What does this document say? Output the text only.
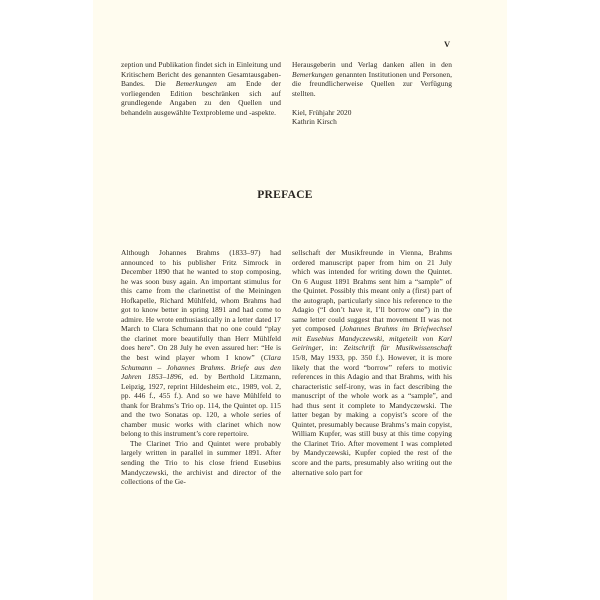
V

zeption und Publikation findet sich in Einleitung und Kritischem Bericht des genannten Gesamtausgaben-Bandes. Die Bemerkungen am Ende der vorliegenden Edition beschränken sich auf grundlegende Angaben zu den Quellen und behandeln ausgewählte Textprobleme und -aspekte.

Herausgeberin und Verlag danken allen in den Bemerkungen genannten Institutionen und Personen, die freundlicherweise Quellen zur Verfügung stellten.

Kiel, Frühjahr 2020

Kathrin Kirsch

PREFACE

Although Johannes Brahms (1833–97) had announced to his publisher Fritz Simrock in December 1890 that he wanted to stop composing, he was soon busy again. An important stimulus for this came from the clarinettist of the Meiningen Hofkapelle, Richard Mühlfeld, whom Brahms had got to know better in spring 1891 and had come to admire. He wrote enthusiastically in a letter dated 17 March to Clara Schumann that no one could “play the clarinet more beautifully than Herr Mühlfeld does here”. On 28 July he even assured her: “He is the best wind player whom I know” (Clara Schumann – Johannes Brahms. Briefe aus den Jahren 1853–1896, ed. by Berthold Litzmann, Leipzig, 1927, reprint Hildesheim etc., 1989, vol. 2, pp. 446 f., 455 f.). And so we have Mühlfeld to thank for Brahms’s Trio op. 114, the Quintet op. 115 and the two Sonatas op. 120, a whole series of chamber music works with clarinet which now belong to this instrument’s core repertoire.

The Clarinet Trio and Quintet were probably largely written in parallel in summer 1891. After sending the Trio to his close friend Eusebius Mandyczewski, the archivist and director of the collections of the Ge-

sellschaft der Musikfreunde in Vienna, Brahms ordered manuscript paper from him on 21 July which was intended for writing down the Quintet. On 6 August 1891 Brahms sent him a “sample” of the Quintet. Possibly this meant only a (first) part of the autograph, particularly since his reference to the Adagio (“I don’t have it, I’ll borrow one”) in the same letter could suggest that movement II was not yet composed (Johannes Brahms im Briefwechsel mit Eusebius Mandyczewski, mitgeteilt von Karl Geiringer, in: Zeitschrift für Musikwissenschaft 15/8, May 1933, pp. 350 f.). However, it is more likely that the word “borrow” refers to motivic references in this Adagio and that Brahms, with his characteristic self-irony, was in fact describing the manuscript of the whole work as a “sample”, and had thus sent it complete to Mandyczewski. The latter began by making a copyist’s score of the Quintet, presumably because Brahms’s main copyist, William Kupfer, was still busy at this time copying the Clarinet Trio. After movement I was completed by Mandyczewski, Kupfer copied the rest of the score and the parts, presumably also writing out the alternative solo part for
